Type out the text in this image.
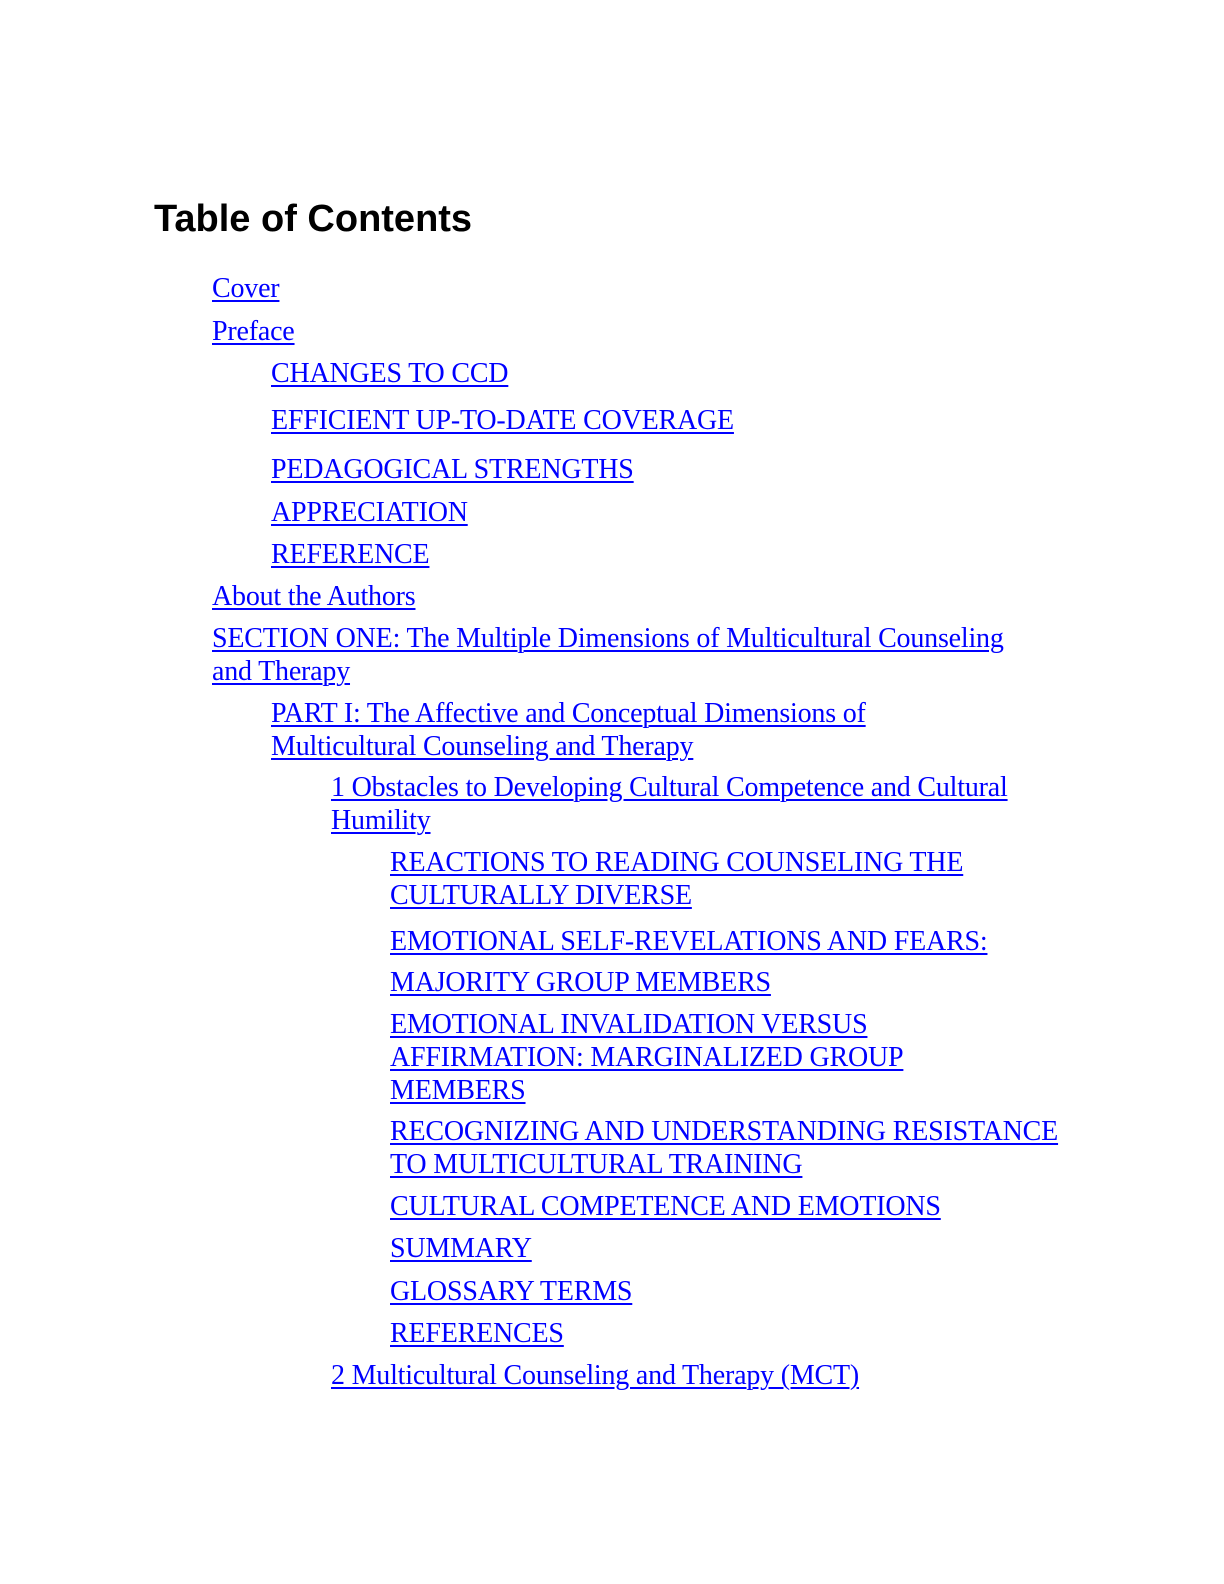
Table of Contents
Cover
Preface
CHANGES TO CCD
EFFICIENT UP-TO-DATE COVERAGE
PEDAGOGICAL STRENGTHS
APPRECIATION
REFERENCE
About the Authors
SECTION ONE: The Multiple Dimensions of Multicultural Counseling and Therapy
PART I: The Affective and Conceptual Dimensions of Multicultural Counseling and Therapy
1 Obstacles to Developing Cultural Competence and Cultural Humility
REACTIONS TO READING COUNSELING THE CULTURALLY DIVERSE
EMOTIONAL SELF-REVELATIONS AND FEARS:
MAJORITY GROUP MEMBERS
EMOTIONAL INVALIDATION VERSUS AFFIRMATION: MARGINALIZED GROUP MEMBERS
RECOGNIZING AND UNDERSTANDING RESISTANCE TO MULTICULTURAL TRAINING
CULTURAL COMPETENCE AND EMOTIONS
SUMMARY
GLOSSARY TERMS
REFERENCES
2 Multicultural Counseling and Therapy (MCT)
